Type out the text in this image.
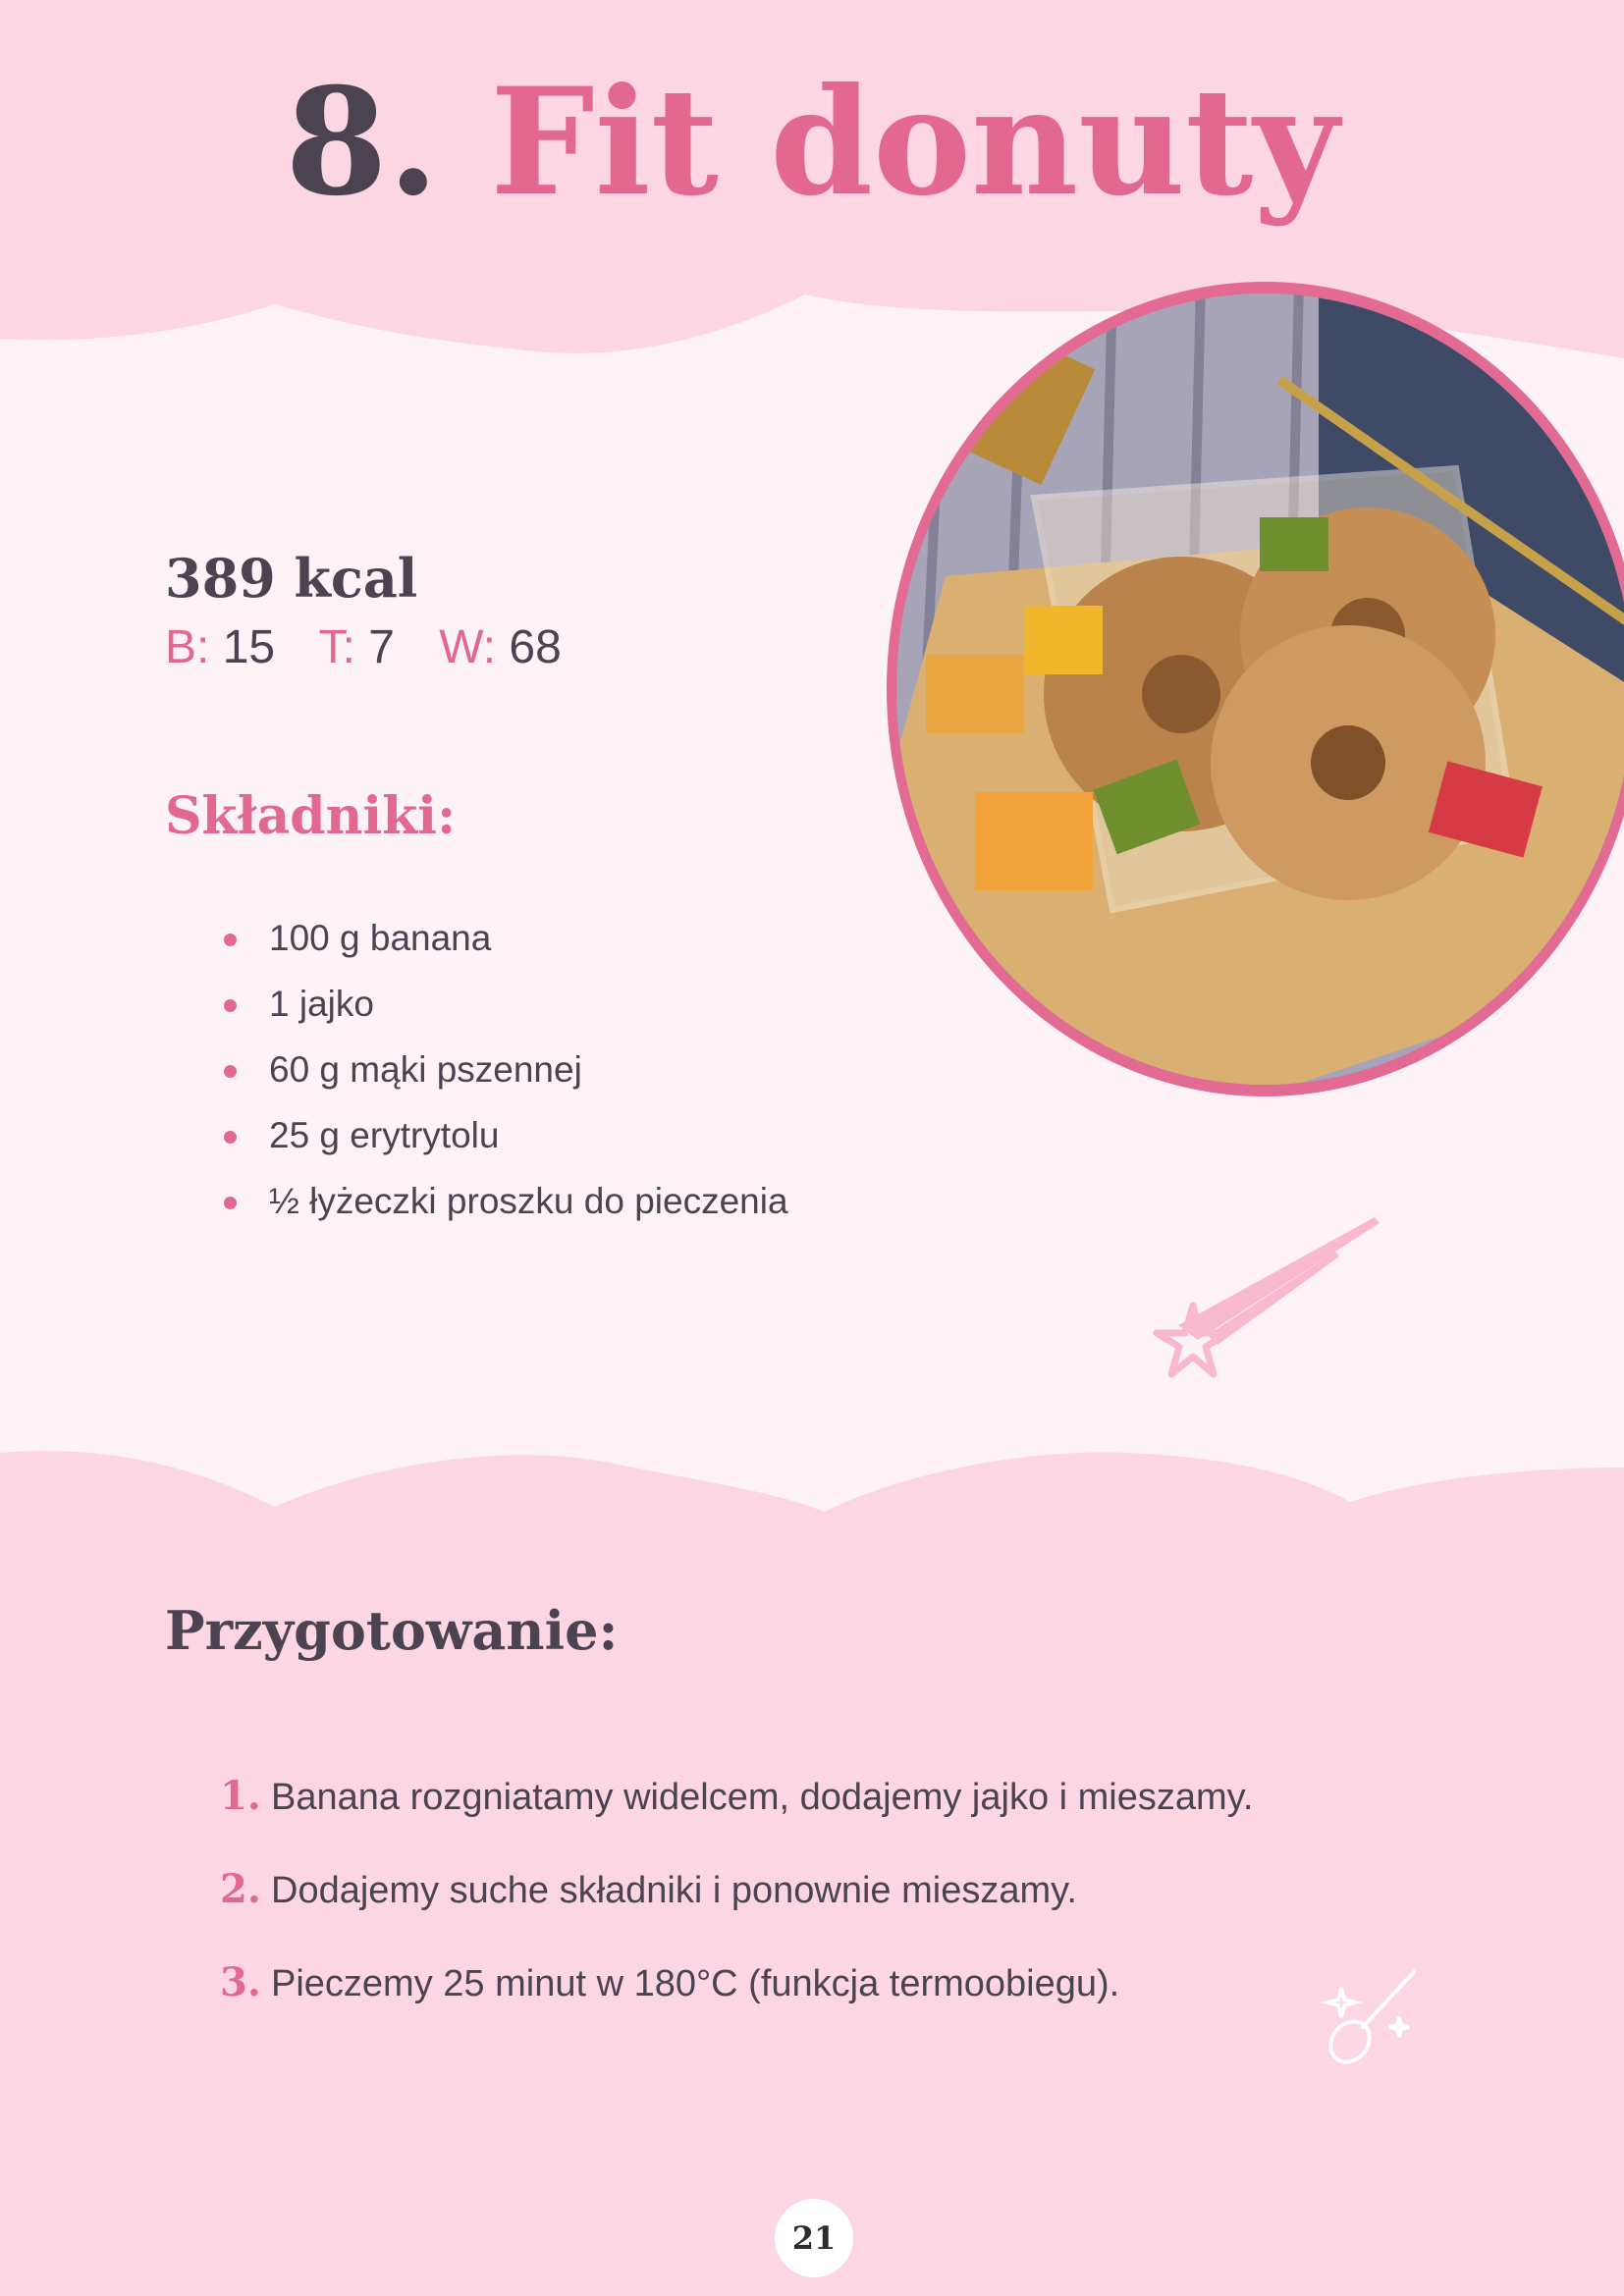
8. Fit donuty
389 kcal
B: 15 T: 7 W: 68
Składniki:
100 g banana
1 jajko
60 g mąki pszennej
25 g erytrytolu
½ łyżeczki proszku do pieczenia
Przygotowanie:
1. Banana rozgniatamy widelcem, dodajemy jajko i mieszamy.
2. Dodajemy suche składniki i ponownie mieszamy.
3. Pieczemy 25 minut w 180°C (funkcja termoobiegu).
21
